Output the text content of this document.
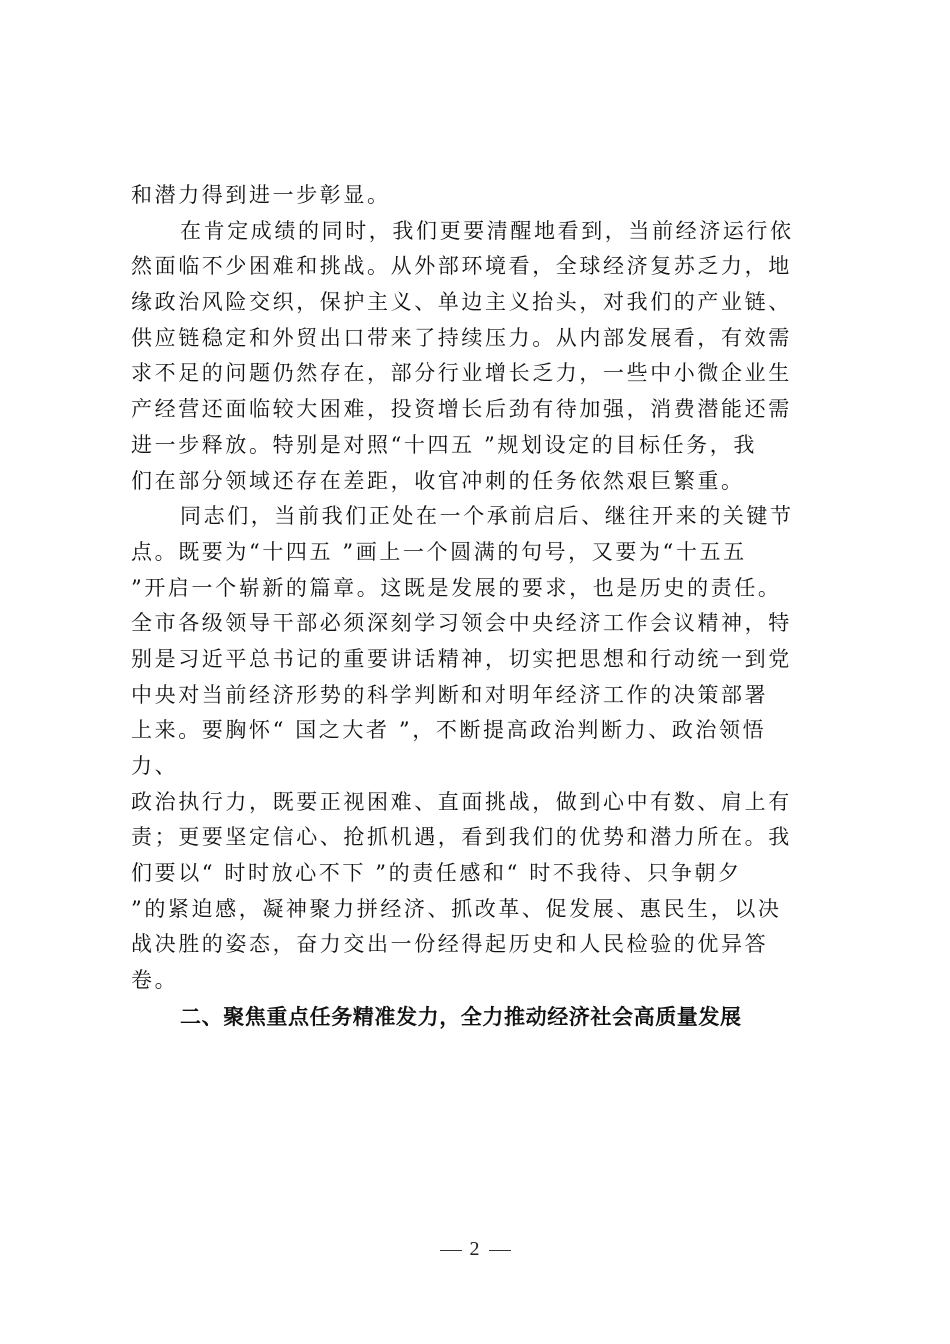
和潜力得到进一步彰显。
在肯定成绩的同时，我们更要清醒地看到，当前经济运行依
然面临不少困难和挑战。从外部环境看，全球经济复苏乏力，地
缘政治风险交织，保护主义、单边主义抬头，对我们的产业链、
供应链稳定和外贸出口带来了持续压力。从内部发展看，有效需
求不足的问题仍然存在，部分行业增长乏力，一些中小微企业生
产经营还面临较大困难，投资增长后劲有待加强，消费潜能还需
进一步释放。特别是对照“十四五 ”规划设定的目标任务，我
们在部分领域还存在差距，收官冲刺的任务依然艰巨繁重。
同志们，当前我们正处在一个承前启后、继往开来的关键节
点。既要为“十四五 ”画上一个圆满的句号，又要为“十五五
”开启一个崭新的篇章。这既是发展的要求，也是历史的责任。
全市各级领导干部必须深刻学习领会中央经济工作会议精神，特
别是习近平总书记的重要讲话精神，切实把思想和行动统一到党
中央对当前经济形势的科学判断和对明年经济工作的决策部署
上来。要胸怀“ 国之大者 ”，不断提高政治判断力、政治领悟
力、
政治执行力，既要正视困难、直面挑战，做到心中有数、肩上有
责；更要坚定信心、抢抓机遇，看到我们的优势和潜力所在。我
们要以“ 时时放心不下 ”的责任感和“ 时不我待、只争朝夕
”的紧迫感，凝神聚力拼经济、抓改革、促发展、惠民生，以决
战决胜的姿态，奋力交出一份经得起历史和人民检验的优异答
卷。
二、聚焦重点任务精准发力，全力推动经济社会高质量发展
2
